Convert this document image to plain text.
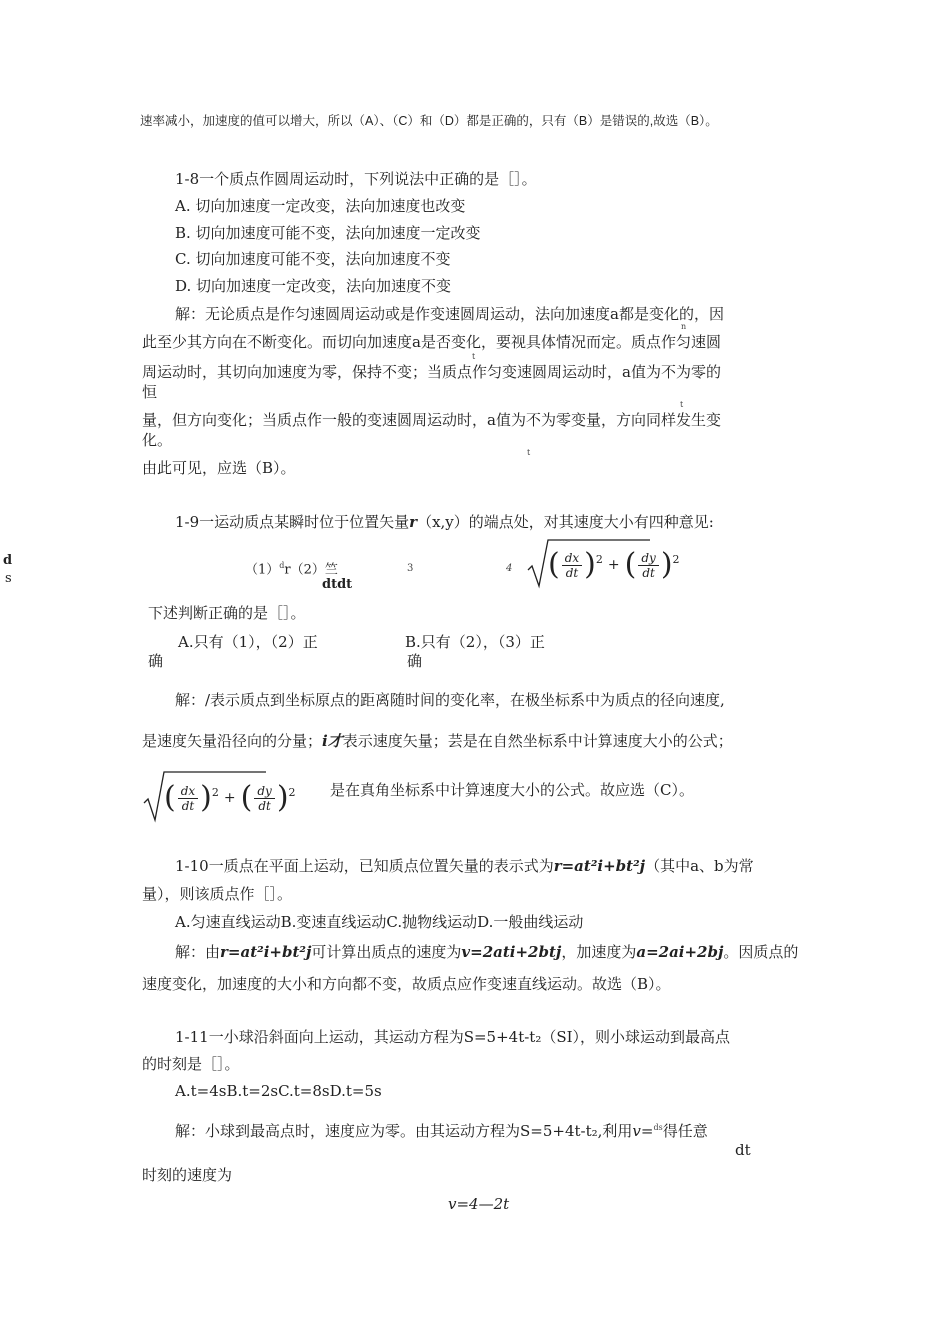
速率减小，加速度的值可以增大，所以（A）、（C）和（D）都是正确的，只有（B）是错误的,故选（B）。
1-8一个质点作圆周运动时，下列说法中正确的是［］。
A. 切向加速度一定改变，法向加速度也改变
B. 切向加速度可能不变，法向加速度一定改变
C. 切向加速度可能不变，法向加速度不变
D. 切向加速度一定改变，法向加速度不变
解：无论质点是作匀速圆周运动或是作变速圆周运动，法向加速度a都是变化的，因
此至少其方向在不断变化。而切向加速度a是否变化，要视具体情况而定。质点作匀速圆
n
周运动时，其切向加速度为零，保持不变；当质点作匀变速圆周运动时，a值为不为零的
t
恒
量，但方向变化；当质点作一般的变速圆周运动时，a值为不为零变量，方向同样发生变
t
化。
由此可见，应选（B）。
t
1-9一运动质点某瞬时位于位置矢量r（x,y）的端点处，对其速度大小有四种意见:
d
s
$(1)^dr(2)$竺
dtdt
3	4 ( $\frac{dx}{dt}$ ) 2 + ( $\frac{dy}{dt}$ ) 2
下述判断正确的是［］。
A.只有（1），（2）正
确
B.只有（2），（3）正
确
解：/表示质点到坐标原点的距离随时间的变化率，在极坐标系中为质点的径向速度,
是速度矢量沿径向的分量；i才表示速度矢量；芸是在自然坐标系中计算速度大小的公式；
( $\frac{dx}{dt}$ ) 2 + ( $\frac{dy}{dt}$ ) 2 是在真角坐标系中计算速度大小的公式。故应选（C）。
1-10一质点在平面上运动，已知质点位置矢量的表示式为r=at²i+bt²j（其中a、b为常
量），则该质点作［］。
A.匀速直线运动B.变速直线运动C.抛物线运动D.一般曲线运动
解：由r=at²i+bt²j可计算出质点的速度为v=2ati+2btj，加速度为a=2ai+2bj。因质点的
速度变化，加速度的大小和方向都不变，故质点应作变速直线运动。故选（B）。
1-11一小球沿斜面向上运动，其运动方程为S=5+4t-t₂（SI），则小球运动到最高点
的时刻是［］。
A.t=4sB.t=2sC.t=8sD.t=5s
解：小球到最高点时，速度应为零。由其运动方程为S=5+4t-t₂,利用v=$^{ds}$得任意
dt
时刻的速度为
v=4—2t
